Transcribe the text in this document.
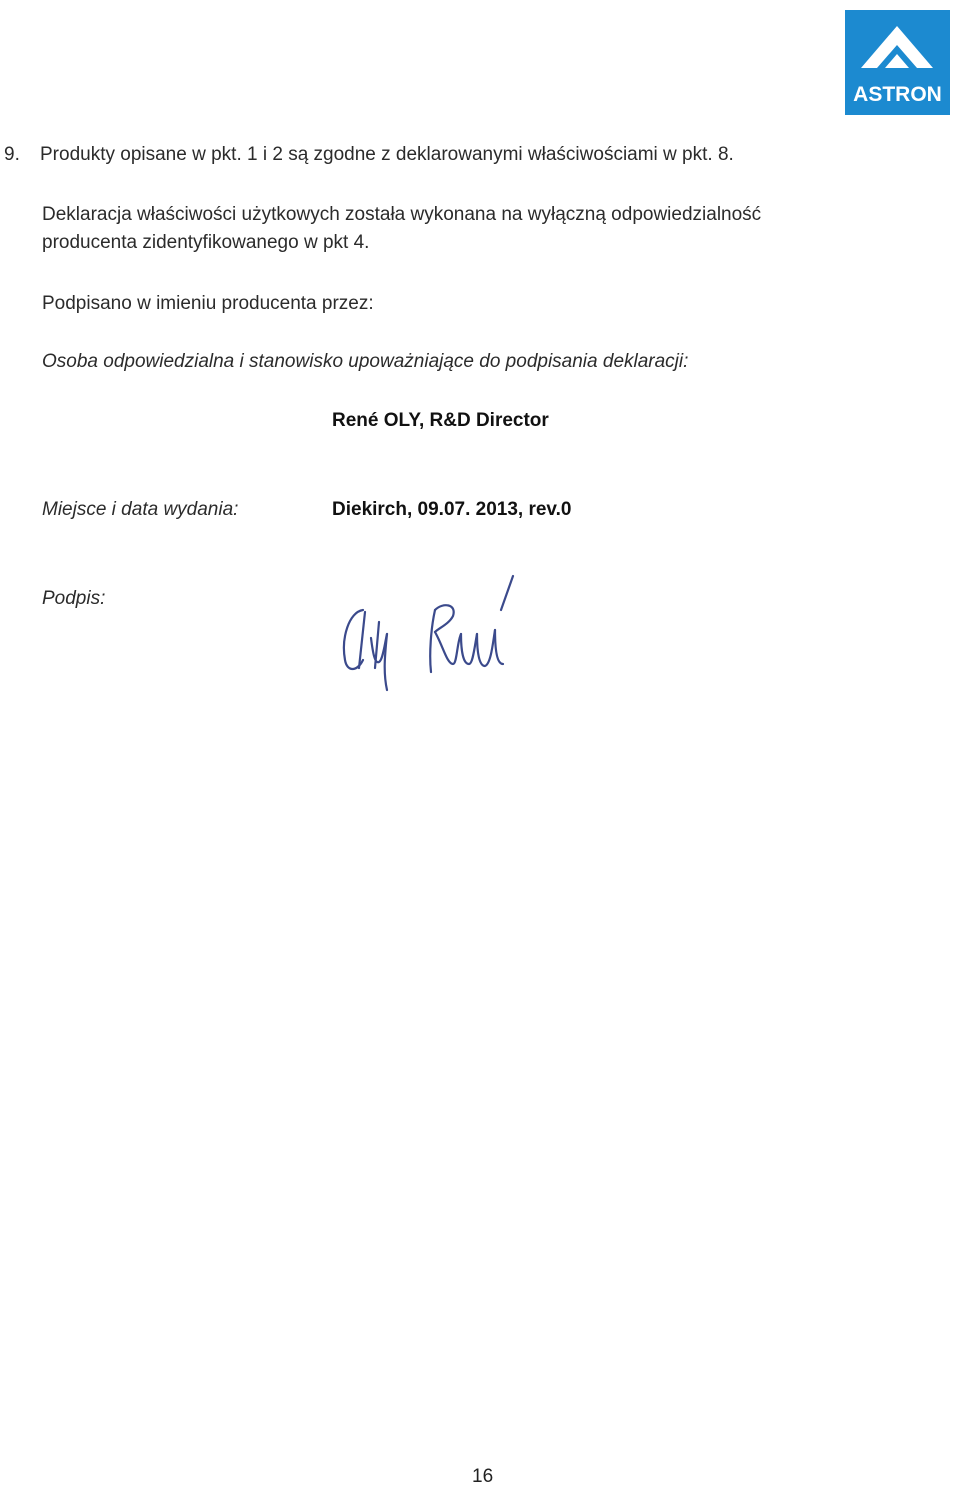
ASTRON
9. Produkty opisane w pkt. 1 i 2 są zgodne z deklarowanymi właściwościami w pkt. 8.
Deklaracja właściwości użytkowych została wykonana na wyłączną odpowiedzialność
producenta zidentyfikowanego w pkt 4.
Podpisano w imieniu producenta przez:
Osoba odpowiedzialna i stanowisko upoważniające do podpisania deklaracji:
René OLY, R&D Director
Miejsce i data wydania:	Diekirch, 09.07. 2013, rev.0
Podpis:
16
